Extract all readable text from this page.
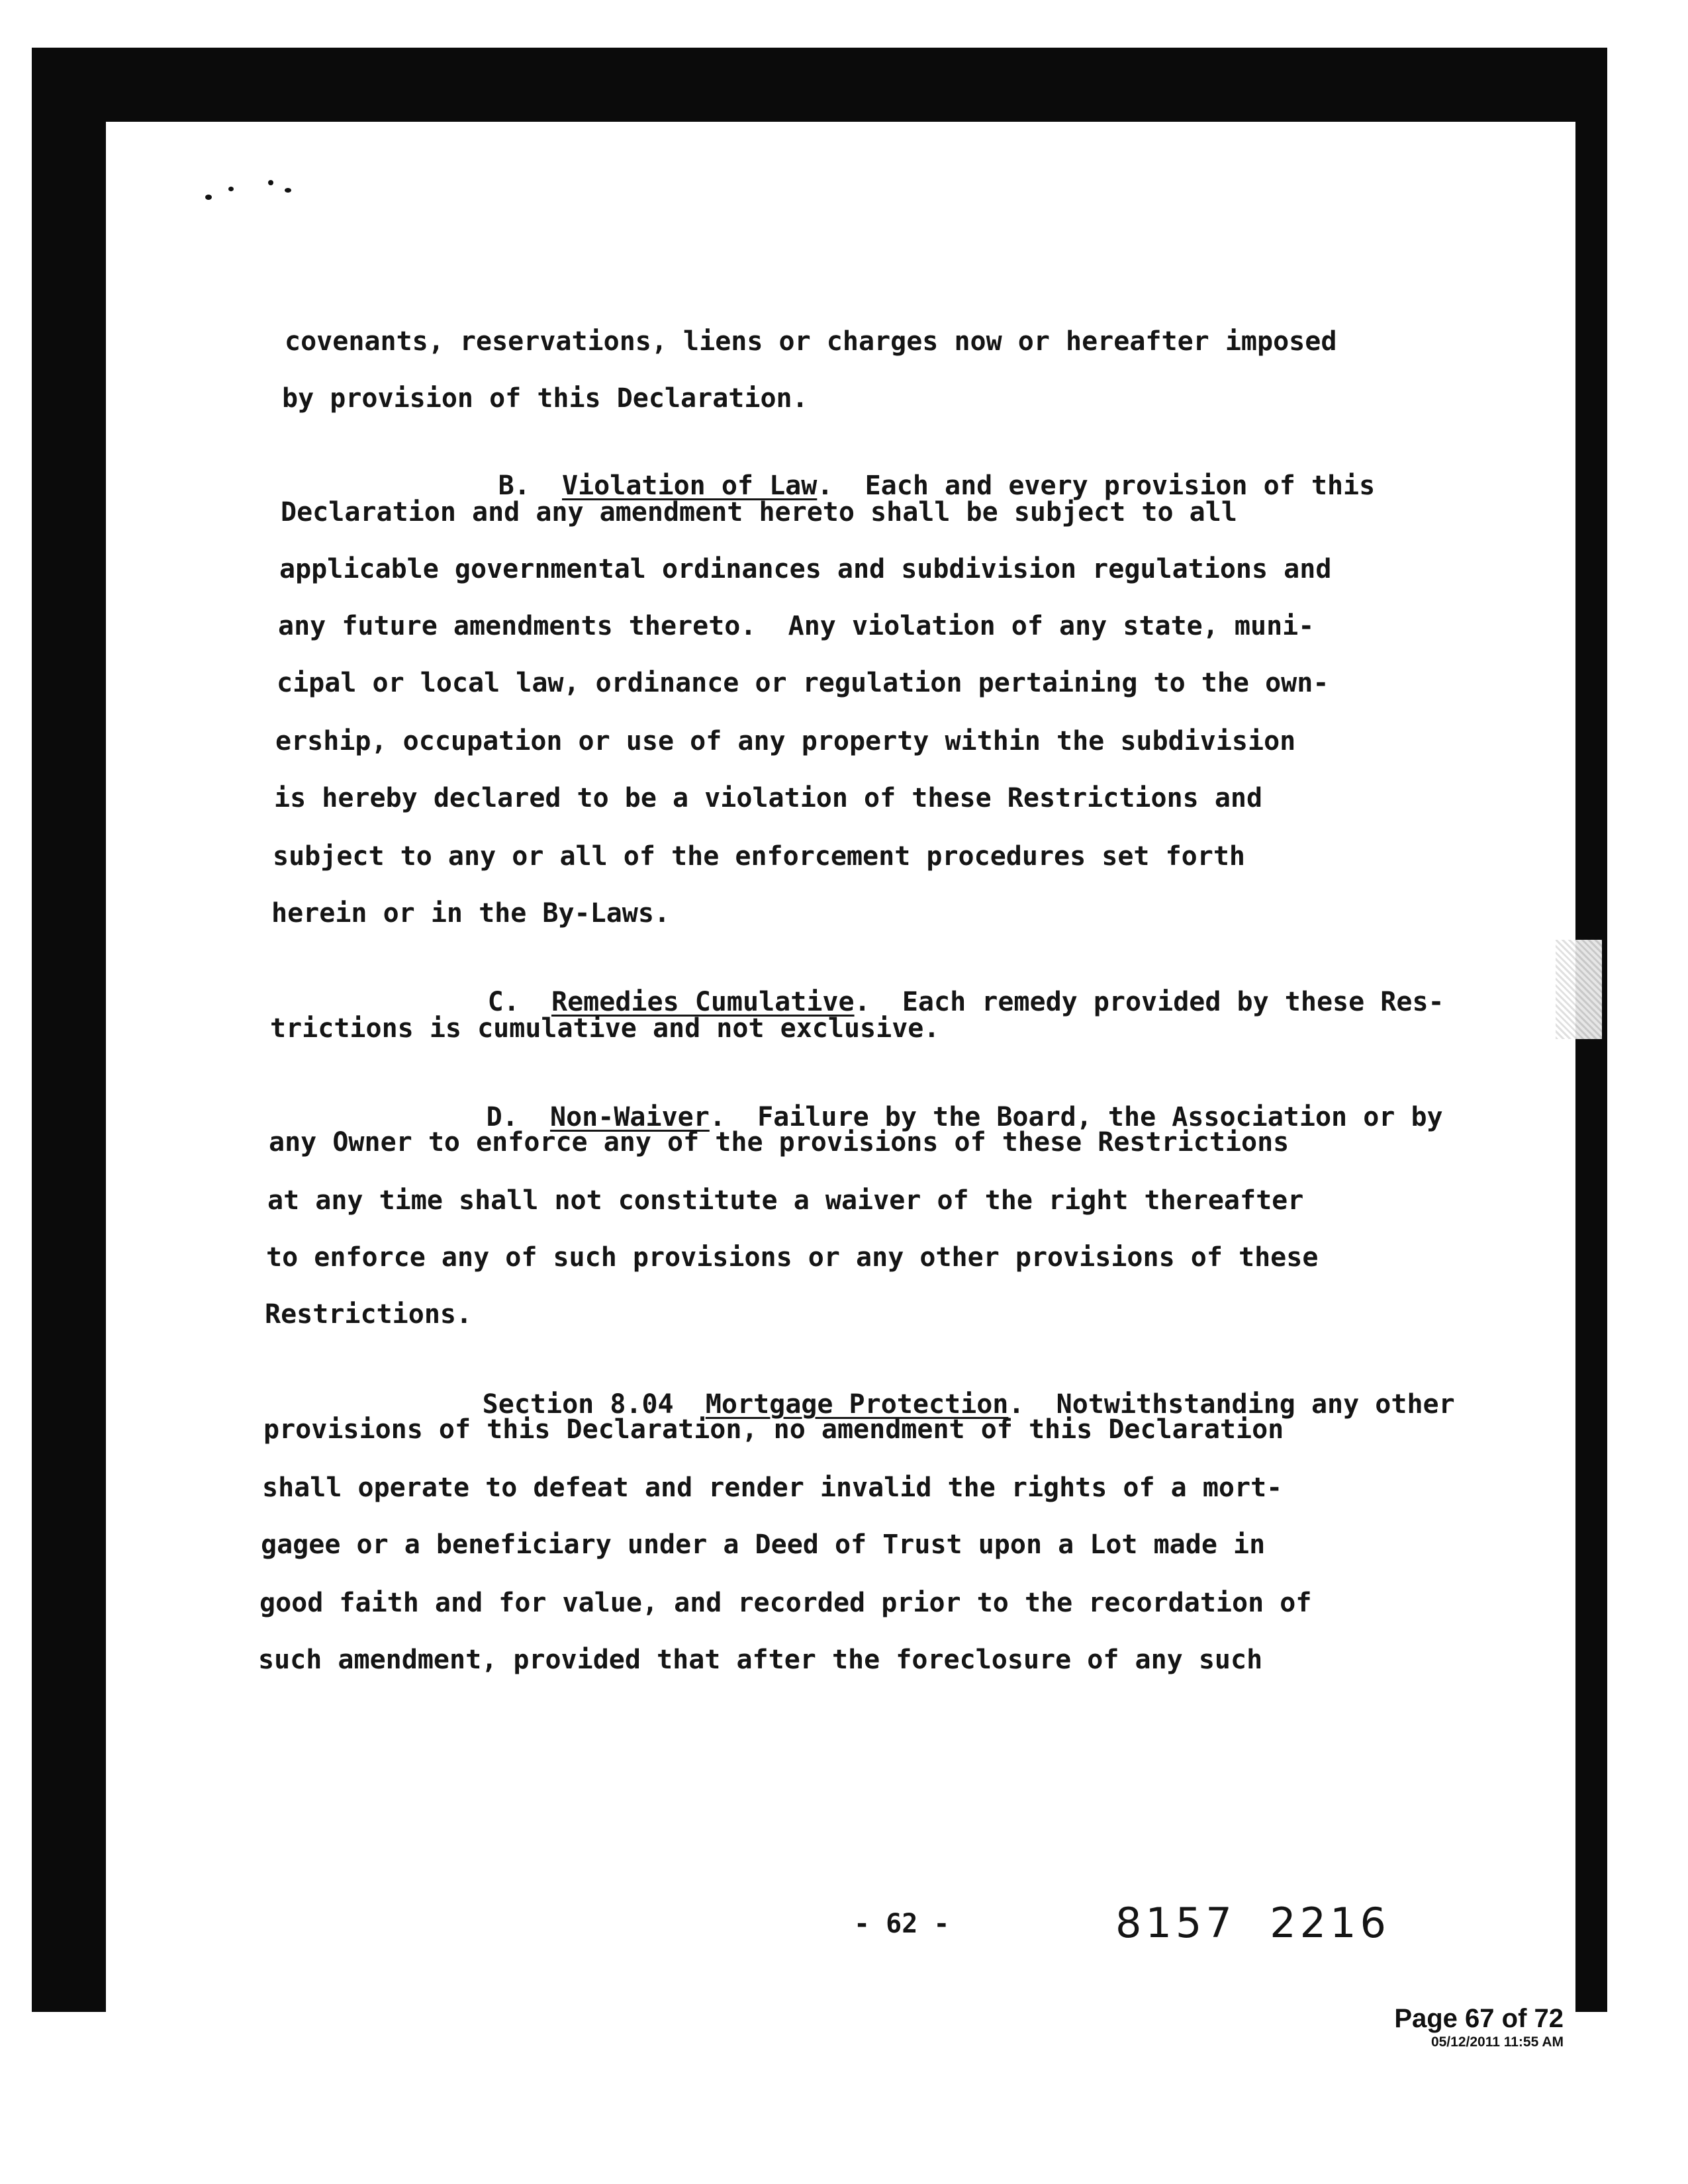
covenants, reservations, liens or charges now or hereafter imposed
by provision of this Declaration.

B. Violation of Law. Each and every provision of this

Declaration and any amendment hereto shall be subject to all
applicable governmental ordinances and subdivision regulations and
any future amendments thereto.  Any violation of any state, muni-
cipal or local law, ordinance or regulation pertaining to the own-
ership, occupation or use of any property within the subdivision
is hereby declared to be a violation of these Restrictions and
subject to any or all of the enforcement procedures set forth
herein or in the By-Laws.

C. Remedies Cumulative. Each remedy provided by these Res-

trictions is cumulative and not exclusive.

D. Non-Waiver. Failure by the Board, the Association or by

any Owner to enforce any of the provisions of these Restrictions
at any time shall not constitute a waiver of the right thereafter
to enforce any of such provisions or any other provisions of these
Restrictions.

Section 8.04 Mortgage Protection. Notwithstanding any other

provisions of this Declaration, no amendment of this Declaration
shall operate to defeat and render invalid the rights of a mort-
gagee or a beneficiary under a Deed of Trust upon a Lot made in
good faith and for value, and recorded prior to the recordation of
such amendment, provided that after the foreclosure of any such
- 62 -	8157  2216
Page 67 of 72
05/12/2011 11:55 AM
